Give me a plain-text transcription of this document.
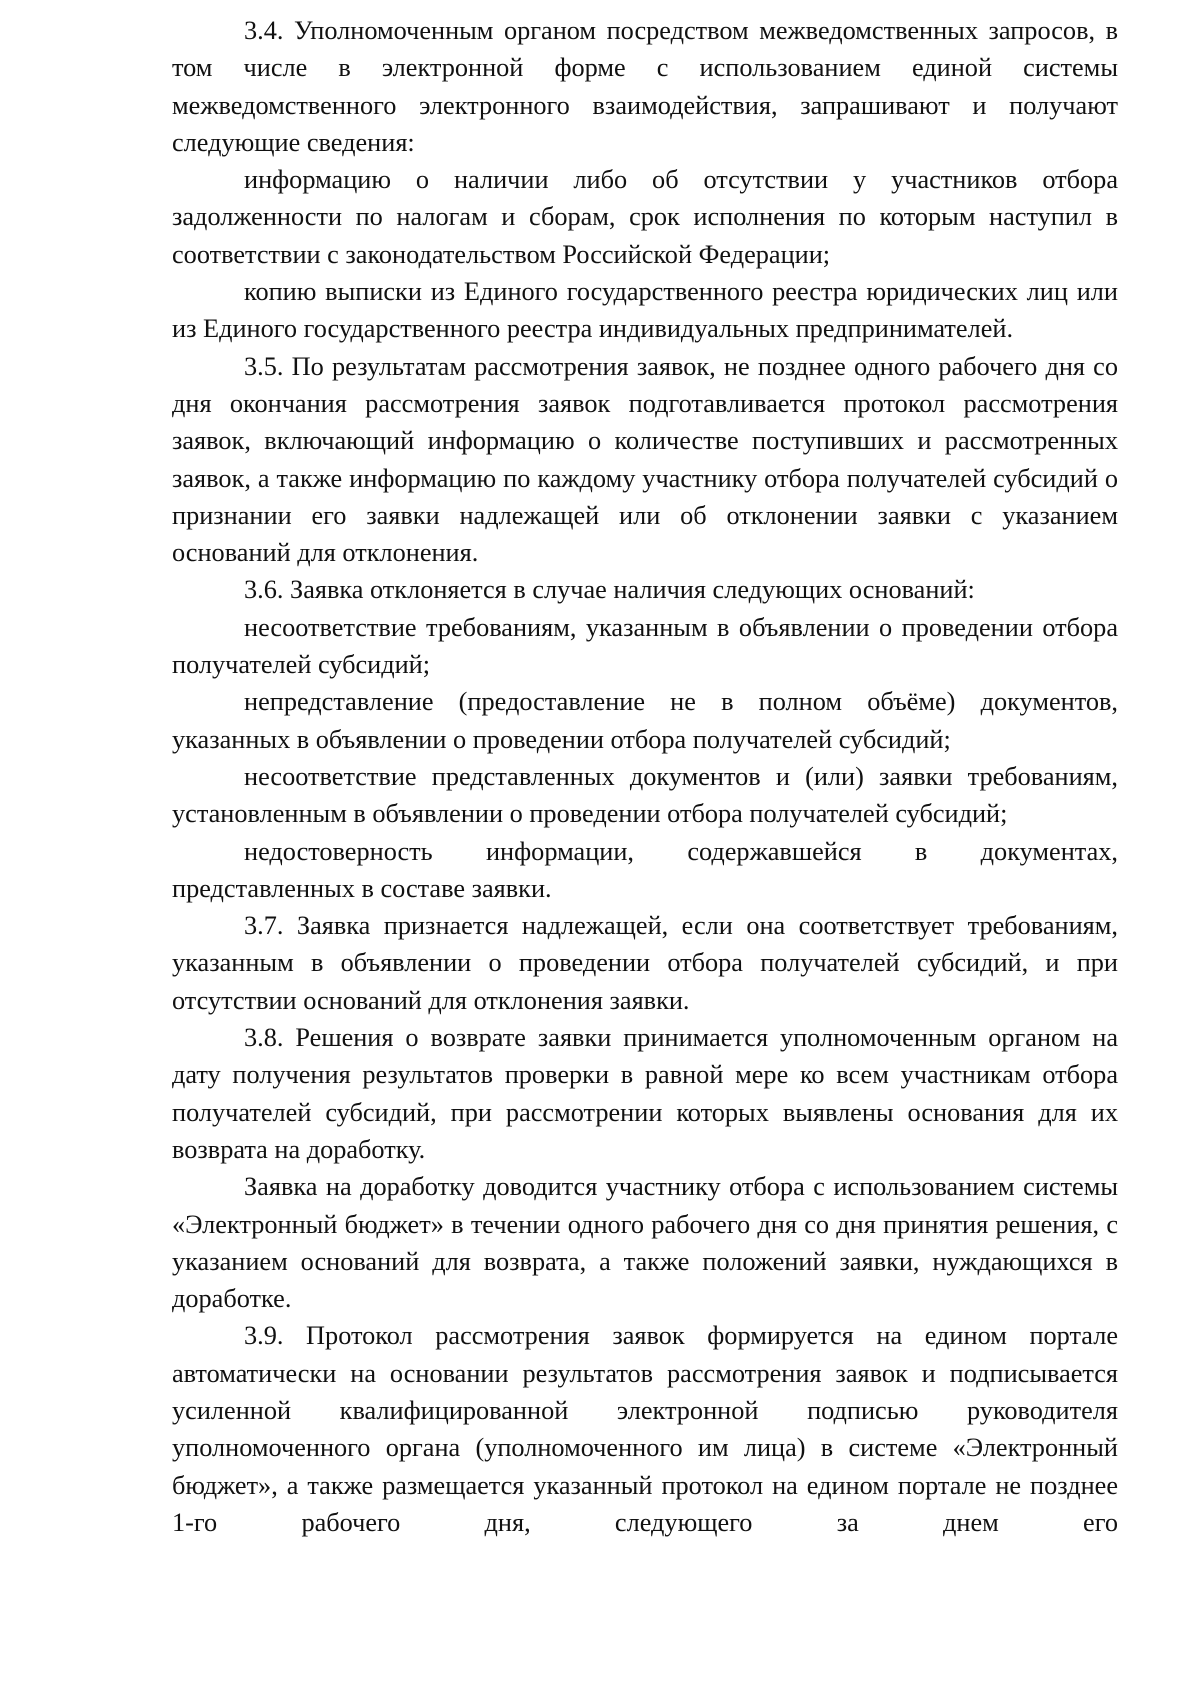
3.4. Уполномоченным органом посредством межведомственных запросов, в том числе в электронной форме с использованием единой системы межведомственного электронного взаимодействия, запрашивают и получают следующие сведения:

информацию о наличии либо об отсутствии у участников отбора задолженности по налогам и сборам, срок исполнения по которым наступил в соответствии с законодательством Российской Федерации;

копию выписки из Единого государственного реестра юридических лиц или из Единого государственного реестра индивидуальных предпринимателей.

3.5. По результатам рассмотрения заявок, не позднее одного рабочего дня со дня окончания рассмотрения заявок подготавливается протокол рассмотрения заявок, включающий информацию о количестве поступивших и рассмотренных заявок, а также информацию по каждому участнику отбора получателей субсидий о признании его заявки надлежащей или об отклонении заявки с указанием оснований для отклонения.

3.6. Заявка отклоняется в случае наличия следующих оснований:

несоответствие требованиям, указанным в объявлении о проведении отбора получателей субсидий;

непредставление (предоставление не в полном объёме) документов, указанных в объявлении о проведении отбора получателей субсидий;

несоответствие представленных документов и (или) заявки требованиям, установленным в объявлении о проведении отбора получателей субсидий;

недостоверность информации, содержавшейся в документах, представленных в составе заявки.

3.7. Заявка признается надлежащей, если она соответствует требованиям, указанным в объявлении о проведении отбора получателей субсидий, и при отсутствии оснований для отклонения заявки.

3.8. Решения о возврате заявки принимается уполномоченным органом на дату получения результатов проверки в равной мере ко всем участникам отбора получателей субсидий, при рассмотрении которых выявлены основания для их возврата на доработку.

Заявка на доработку доводится участнику отбора с использованием системы «Электронный бюджет» в течении одного рабочего дня со дня принятия решения, с указанием оснований для возврата, а также положений заявки, нуждающихся в доработке.

3.9. Протокол рассмотрения заявок формируется на едином портале автоматически на основании результатов рассмотрения заявок и подписывается усиленной квалифицированной электронной подписью руководителя уполномоченного органа (уполномоченного им лица) в системе «Электронный бюджет», а также размещается указанный протокол на едином портале не позднее 1-го рабочего дня, следующего за днем его
